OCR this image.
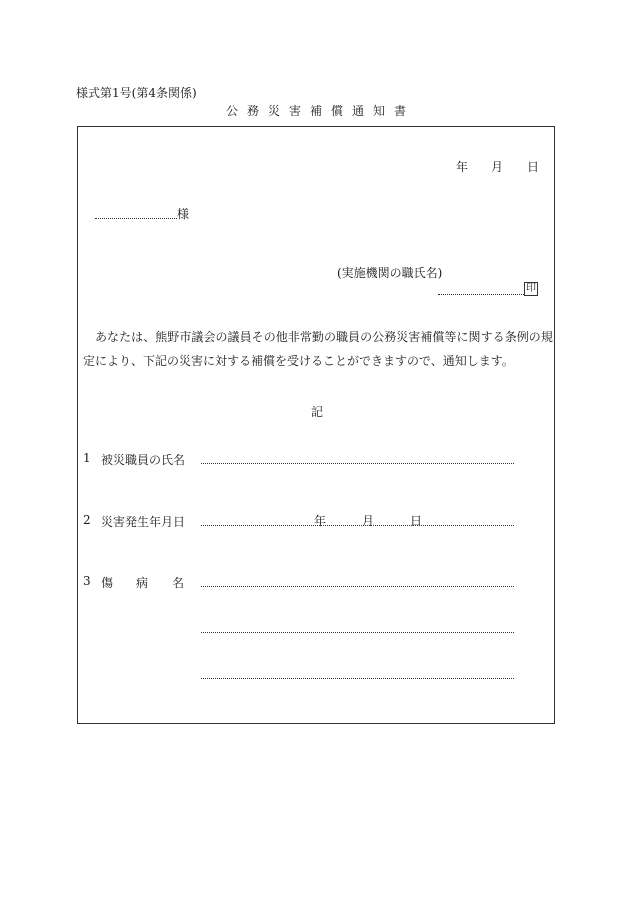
様式第1号(第4条関係)
公務災害補償通知書
年 月 日
様
(実施機関の職氏名)
印
あなたは、熊野市議会の議員その他非常勤の職員の公務災害補償等に関する条例の規
定により、下記の災害に対する補償を受けることができますので、通知します。
記
1 被災職員の氏名
2 災害発生年月日	年	月	日
3 傷 病 名
